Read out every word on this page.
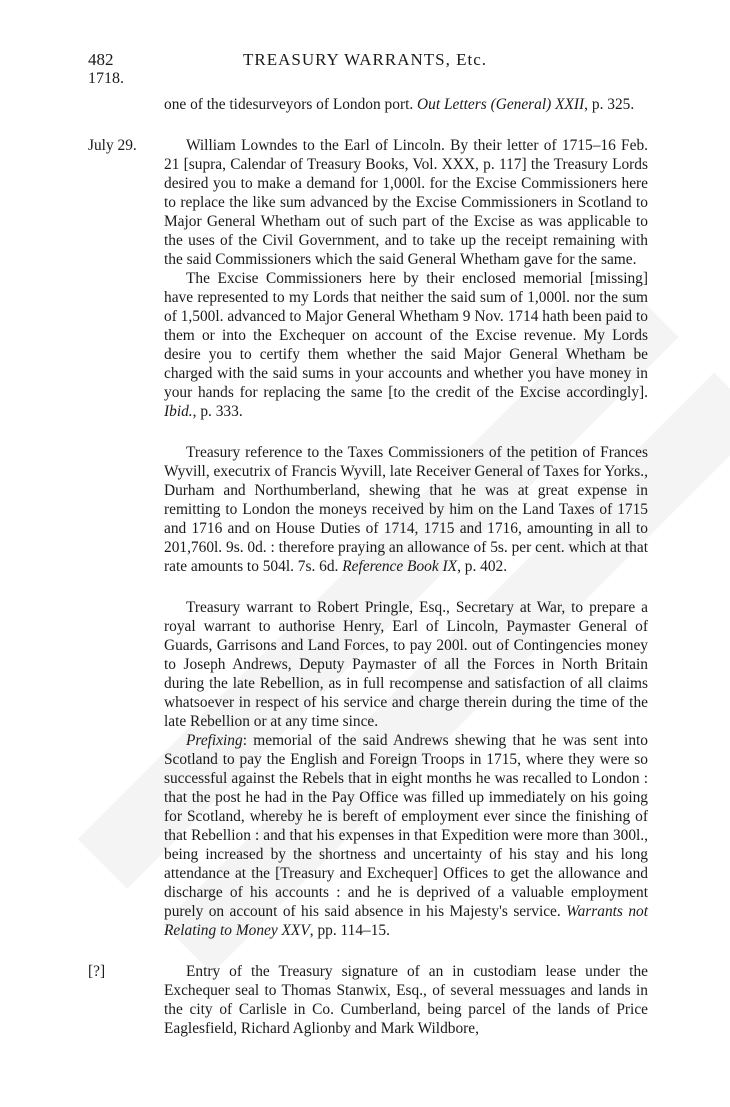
482	TREASURY WARRANTS, Etc.
1718.

one of the tidesurveyors of London port. Out Letters (General) XXII, p. 325.

July 29.	William Lowndes to the Earl of Lincoln. By their letter of 1715–16 Feb. 21 [supra, Calendar of Treasury Books, Vol. XXX, p. 117] the Treasury Lords desired you to make a demand for 1,000l. for the Excise Commissioners here to replace the like sum advanced by the Excise Commissioners in Scotland to Major General Whetham out of such part of the Excise as was applicable to the uses of the Civil Government, and to take up the receipt remaining with the said Commissioners which the said General Whetham gave for the same.

The Excise Commissioners here by their enclosed memorial [missing] have represented to my Lords that neither the said sum of 1,000l. nor the sum of 1,500l. advanced to Major General Whetham 9 Nov. 1714 hath been paid to them or into the Exchequer on account of the Excise revenue. My Lords desire you to certify them whether the said Major General Whetham be charged with the said sums in your accounts and whether you have money in your hands for replacing the same [to the credit of the Excise accordingly]. Ibid., p. 333.

Treasury reference to the Taxes Commissioners of the petition of Frances Wyvill, executrix of Francis Wyvill, late Receiver General of Taxes for Yorks., Durham and Northumberland, shewing that he was at great expense in remitting to London the moneys received by him on the Land Taxes of 1715 and 1716 and on House Duties of 1714, 1715 and 1716, amounting in all to 201,760l. 9s. 0d. : therefore praying an allowance of 5s. per cent. which at that rate amounts to 504l. 7s. 6d. Reference Book IX, p. 402.

Treasury warrant to Robert Pringle, Esq., Secretary at War, to prepare a royal warrant to authorise Henry, Earl of Lincoln, Paymaster General of Guards, Garrisons and Land Forces, to pay 200l. out of Contingencies money to Joseph Andrews, Deputy Paymaster of all the Forces in North Britain during the late Rebellion, as in full recompense and satisfaction of all claims whatsoever in respect of his service and charge therein during the time of the late Rebellion or at any time since.

Prefixing: memorial of the said Andrews shewing that he was sent into Scotland to pay the English and Foreign Troops in 1715, where they were so successful against the Rebels that in eight months he was recalled to London : that the post he had in the Pay Office was filled up immediately on his going for Scotland, whereby he is bereft of employment ever since the finishing of that Rebellion : and that his expenses in that Expedition were more than 300l., being increased by the shortness and uncertainty of his stay and his long attendance at the [Treasury and Exchequer] Offices to get the allowance and discharge of his accounts : and he is deprived of a valuable employment purely on account of his said absence in his Majesty's service. Warrants not Relating to Money XXV, pp. 114–15.

[?]	Entry of the Treasury signature of an in custodiam lease under the Exchequer seal to Thomas Stanwix, Esq., of several messuages and lands in the city of Carlisle in Co. Cumberland, being parcel of the lands of Price Eaglesfield, Richard Aglionby and Mark Wildbore,
